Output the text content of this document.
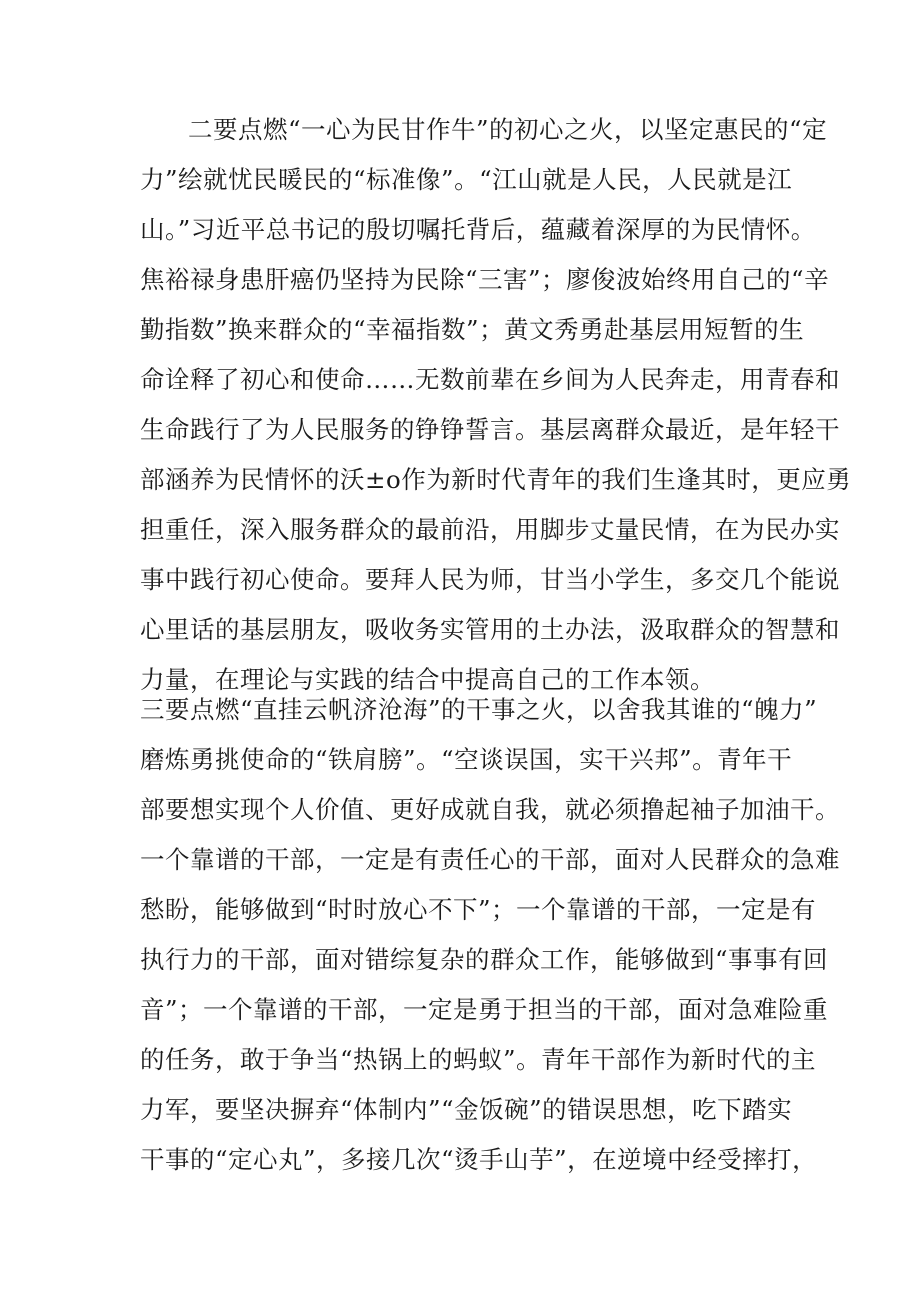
二要点燃“一心为民甘作牛”的初心之火，以坚定惠民的“定
力”绘就忧民暖民的“标准像”。“江山就是人民，人民就是江
山。”习近平总书记的殷切嘱托背后，蕴藏着深厚的为民情怀。
焦裕禄身患肝癌仍坚持为民除“三害”；廖俊波始终用自己的“辛
勤指数”换来群众的“幸福指数”；黄文秀勇赴基层用短暂的生
命诠释了初心和使命……无数前辈在乡间为人民奔走，用青春和
生命践行了为人民服务的铮铮誓言。基层离群众最近，是年轻干
部涵养为民情怀的沃±o作为新时代青年的我们生逢其时，更应勇
担重任，深入服务群众的最前沿，用脚步丈量民情，在为民办实
事中践行初心使命。要拜人民为师，甘当小学生，多交几个能说
心里话的基层朋友，吸收务实管用的土办法，汲取群众的智慧和
力量，在理论与实践的结合中提高自己的工作本领。
三要点燃“直挂云帆济沧海”的干事之火，以舍我其谁的“魄力”
磨炼勇挑使命的“铁肩膀”。“空谈误国，实干兴邦”。青年干
部要想实现个人价值、更好成就自我，就必须撸起袖子加油干。
一个靠谱的干部，一定是有责任心的干部，面对人民群众的急难
愁盼，能够做到“时时放心不下”；一个靠谱的干部，一定是有
执行力的干部，面对错综复杂的群众工作，能够做到“事事有回
音”；一个靠谱的干部，一定是勇于担当的干部，面对急难险重
的任务，敢于争当“热锅上的蚂蚁”。青年干部作为新时代的主
力军，要坚决摒弃“体制内”“金饭碗”的错误思想，吃下踏实
干事的“定心丸”，多接几次“烫手山芋”，在逆境中经受摔打，
